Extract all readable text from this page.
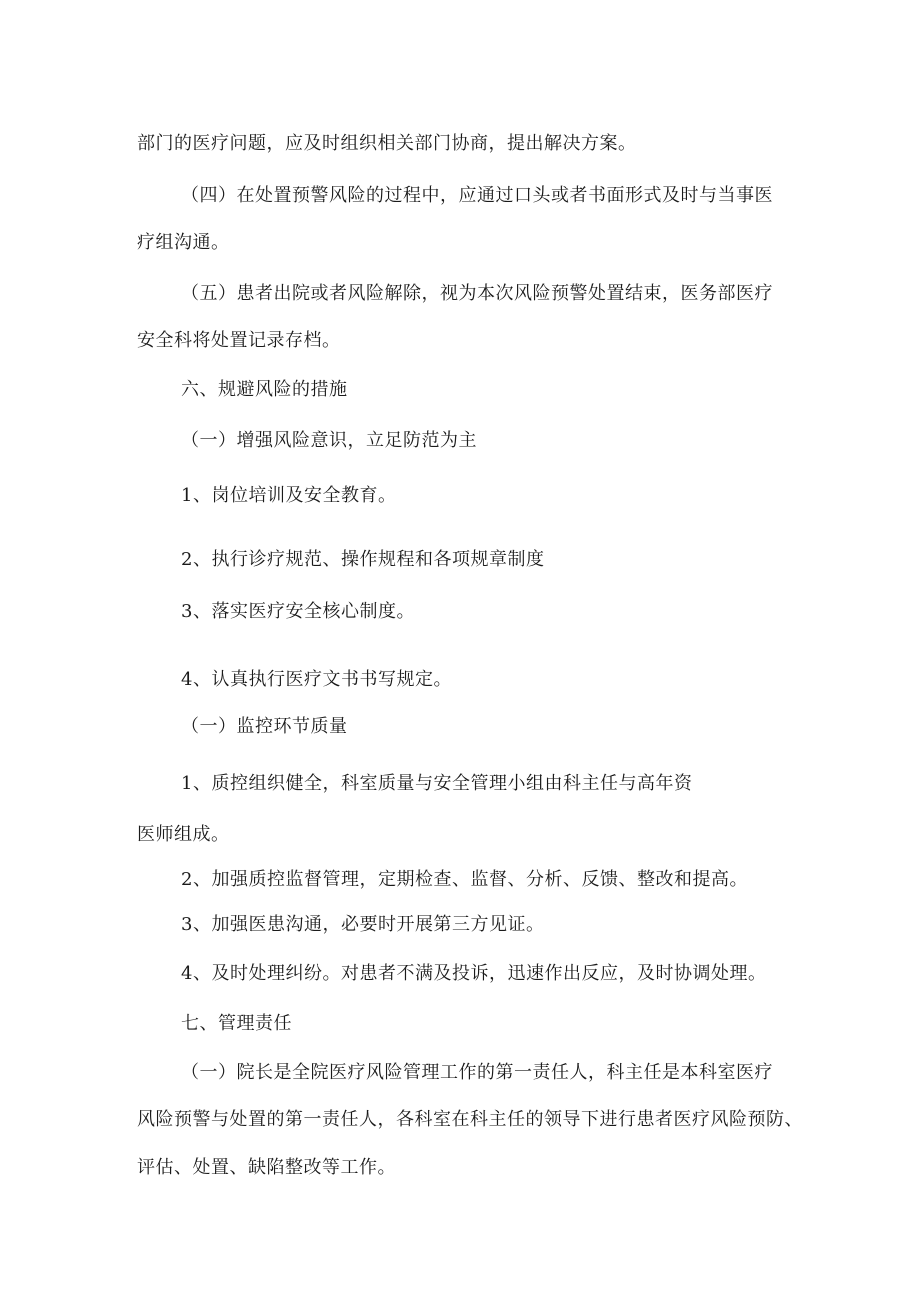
部门的医疗问题，应及时组织相关部门协商，提出解决方案。
（四）在处置预警风险的过程中，应通过口头或者书面形式及时与当事医
疗组沟通。
（五）患者出院或者风险解除，视为本次风险预警处置结束，医务部医疗
安全科将处置记录存档。
六、规避风险的措施
（一）增强风险意识，立足防范为主
1、岗位培训及安全教育。
2、执行诊疗规范、操作规程和各项规章制度
3、落实医疗安全核心制度。
4、认真执行医疗文书书写规定。
（一）监控环节质量
1、质控组织健全，科室质量与安全管理小组由科主任与高年资
医师组成。
2、加强质控监督管理，定期检查、监督、分析、反馈、整改和提高。
3、加强医患沟通，必要时开展第三方见证。
4、及时处理纠纷。对患者不满及投诉，迅速作出反应，及时协调处理。
七、管理责任
（一）院长是全院医疗风险管理工作的第一责任人，科主任是本科室医疗
风险预警与处置的第一责任人，各科室在科主任的领导下进行患者医疗风险预防、
评估、处置、缺陷整改等工作。
